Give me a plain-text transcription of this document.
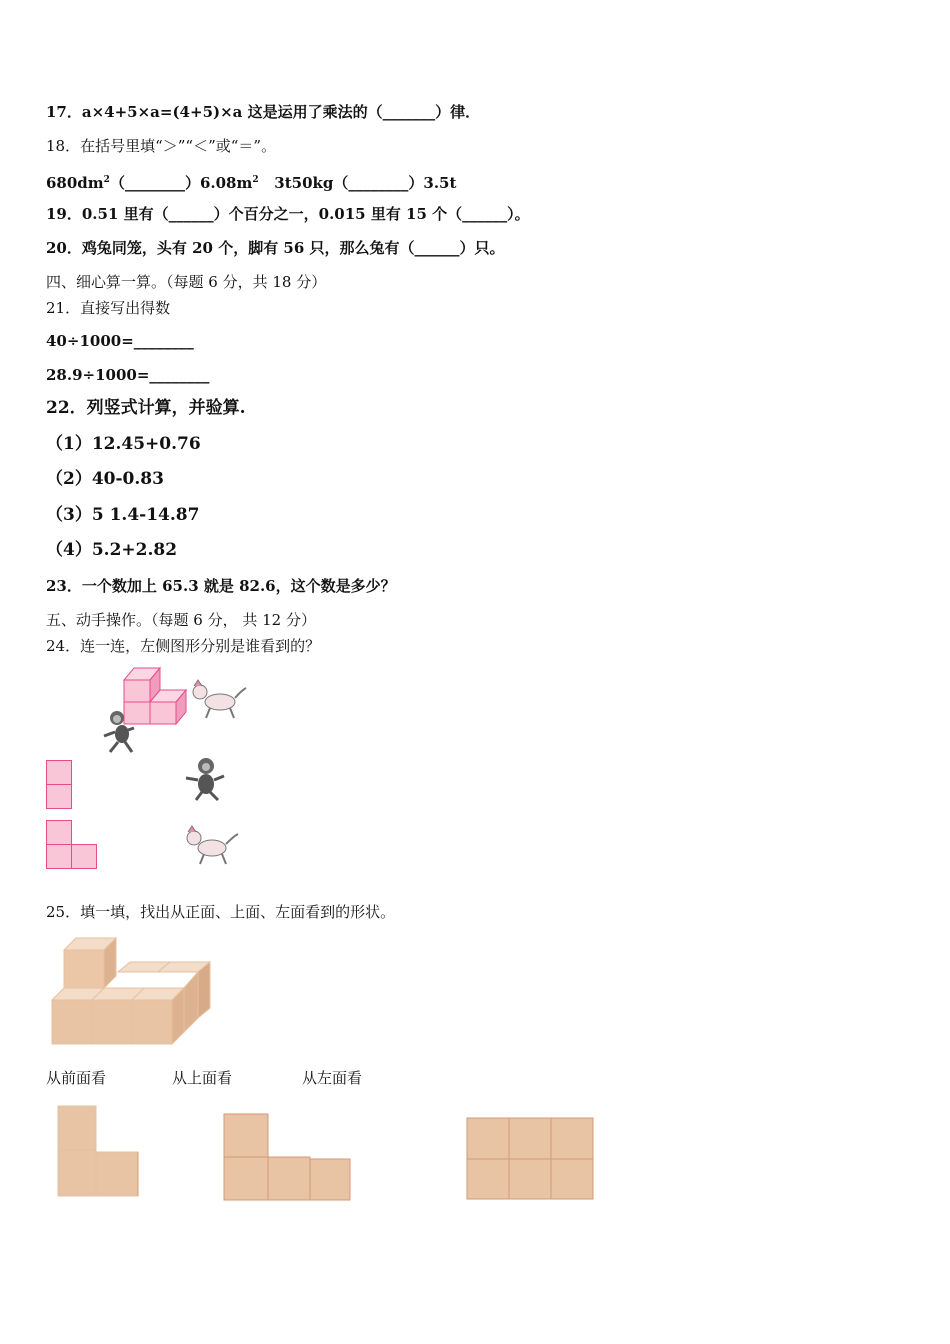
17．a×4+5×a=(4+5)×a 这是运用了乘法的（_______）律．
18．在括号里填“＞”“＜”或“＝”。
$680dm^2(\_\_\_\_\_\_\_\_)6.08m^2$   3t50kg（________）3.5t
19．0.51 里有（______）个百分之一，0.015 里有 15 个（______）。
20．鸡兔同笼，头有 20 个，脚有 56 只，那么兔有（______）只。
四、细心算一算。（每题 6 分，共 18 分）
21．直接写出得数
40÷1000=________
28.9÷1000=________
22．列竖式计算，并验算.
（1）12.45+0.76
（2）40-0.83
（3）5 1.4-14.87
（4）5.2+2.82
23．一个数加上 65.3 就是 82.6，这个数是多少？
五、动手操作。（每题 6 分， 共 12 分）
24．连一连，左侧图形分别是谁看到的？
25．填一填，找出从正面、上面、左面看到的形状。
从前面看	从上面看	从左面看
